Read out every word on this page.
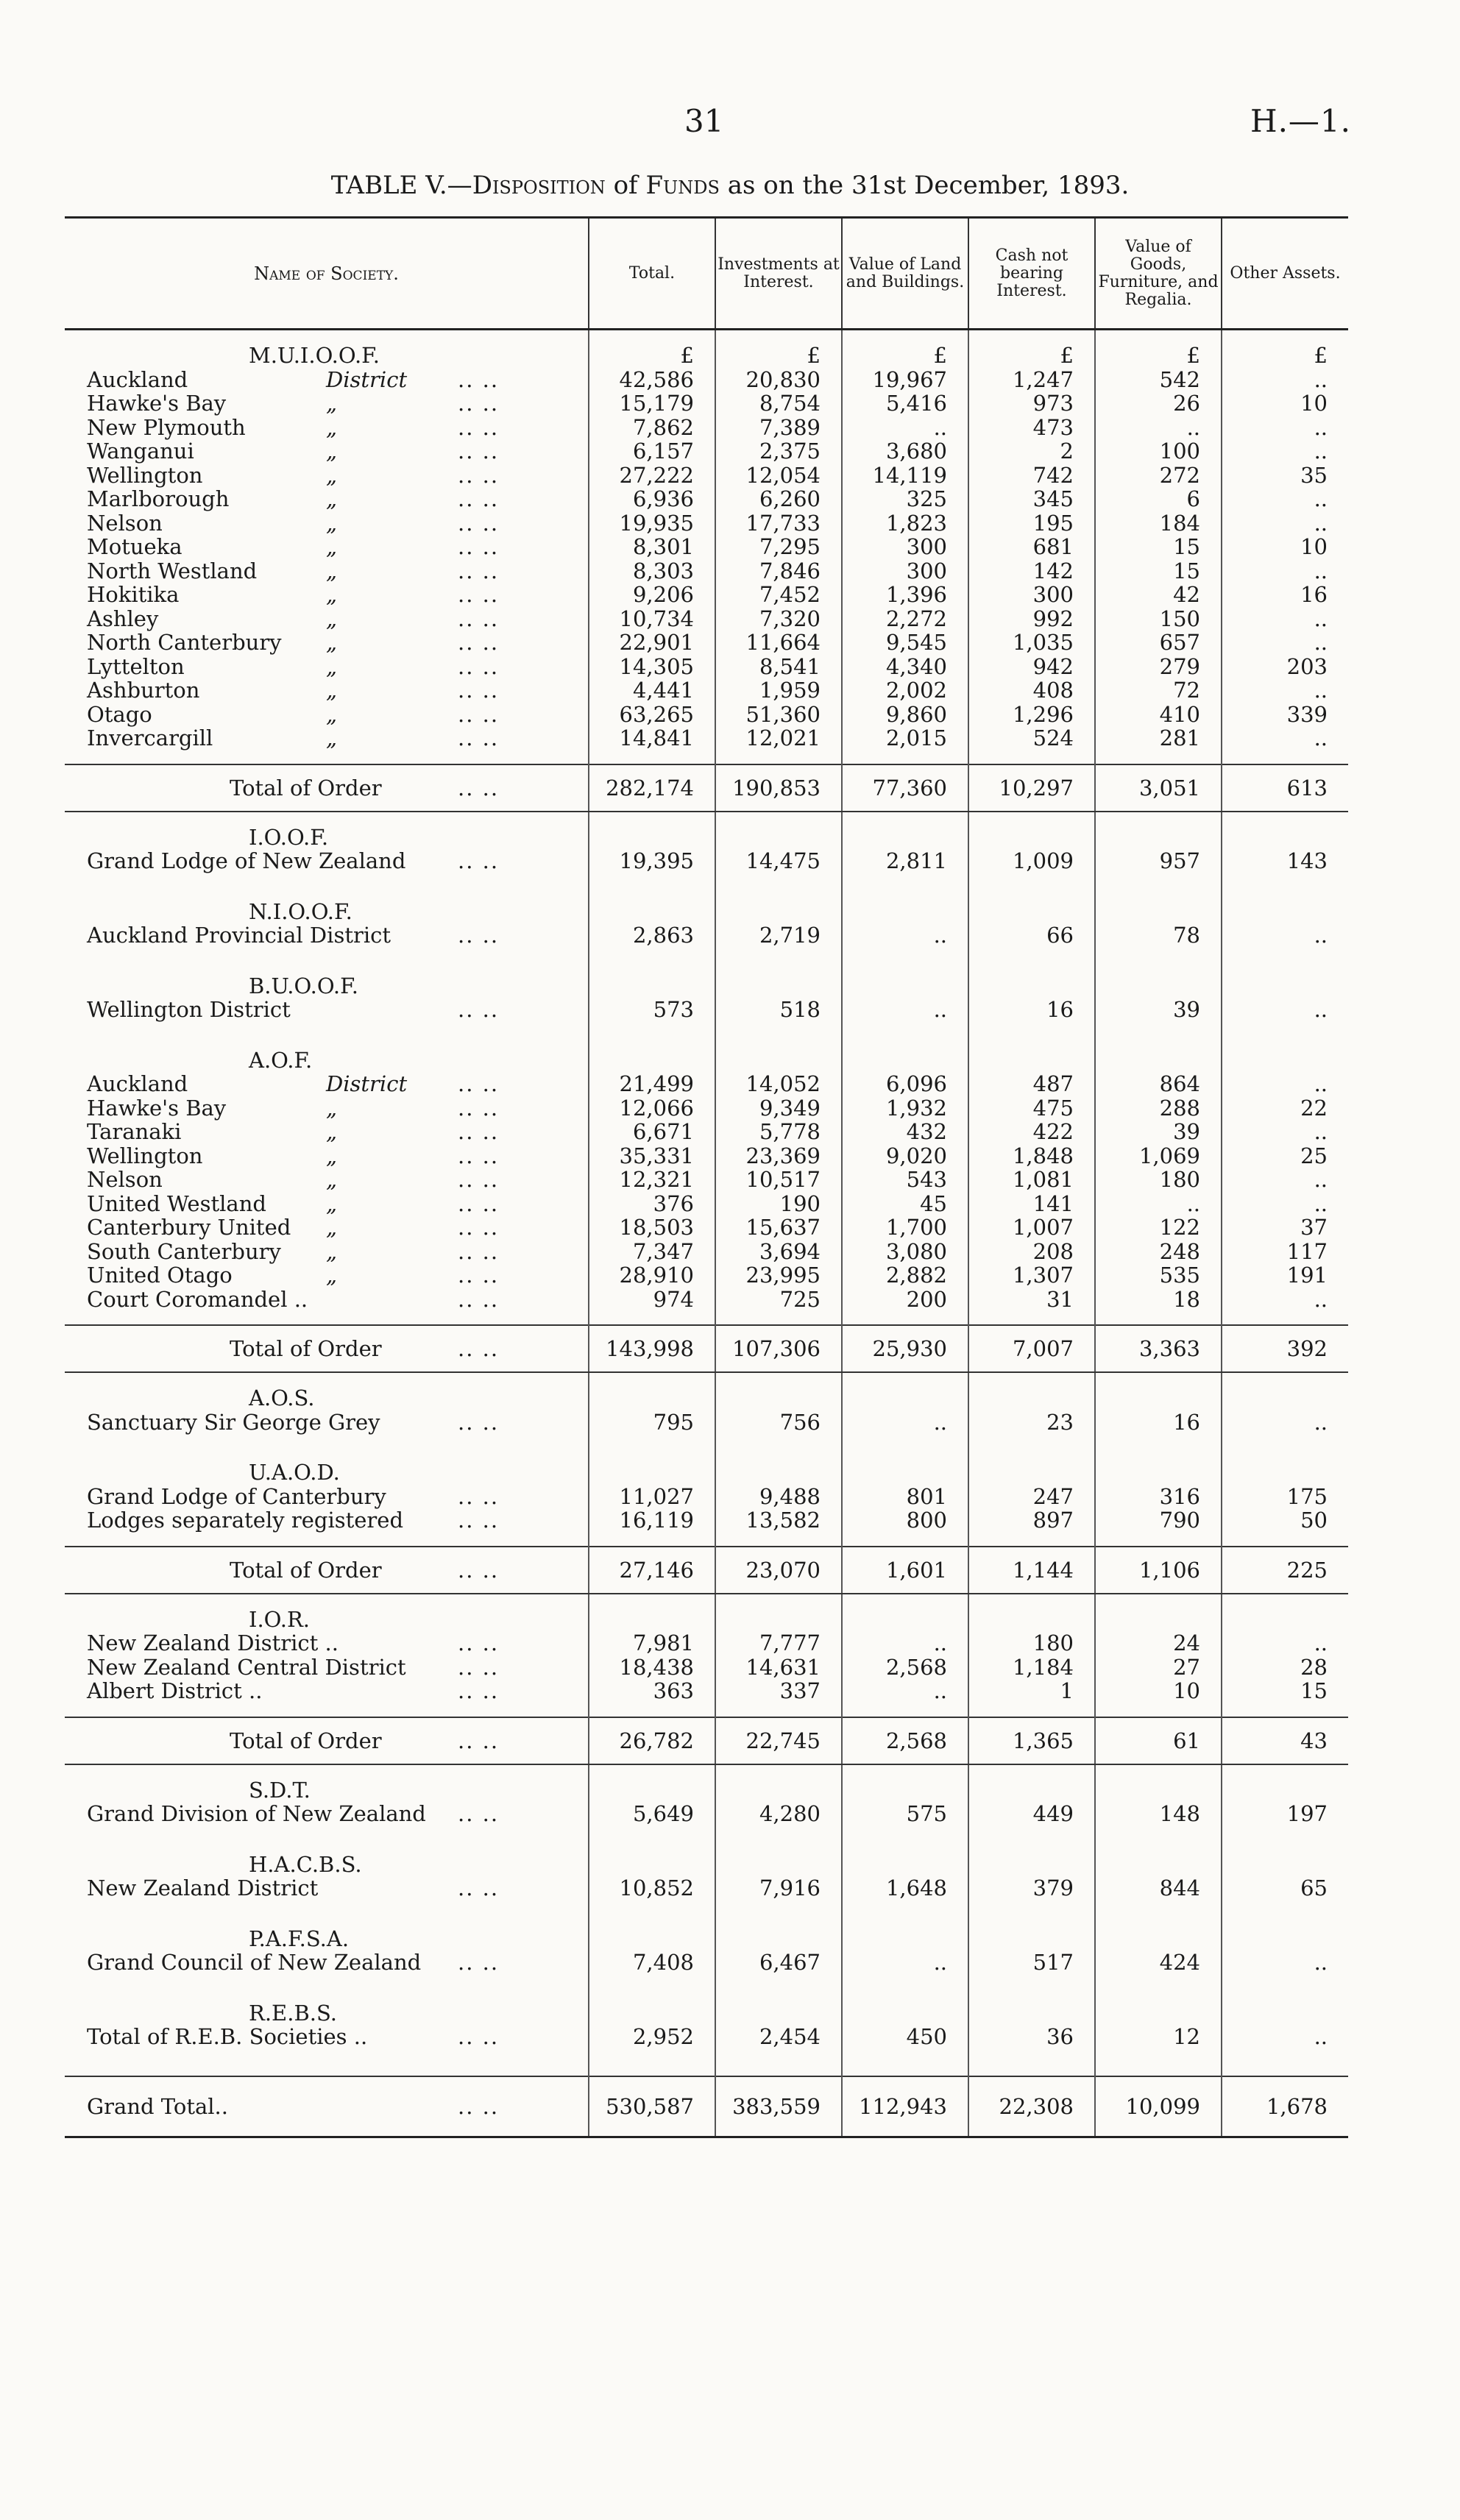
31	H.—1.
TABLE V.—Disposition of Funds as on the 31st December, 1893.
Name of Society.	Total.	Investments at Interest.	Value of Land and Buildings.	Cash not bearing Interest.	Value of Goods, Furniture, and Regalia.	Other Assets.

M.U.I.O.O.F.	£	£	£	£	£	£

Auckland District .. ..	42,586	20,830	19,967	1,247	542	..

Hawke's Bay „ .. ..	15,179	8,754	5,416	973	26	10

New Plymouth „ .. ..	7,862	7,389	..	473	..	..

Wanganui „ .. ..	6,157	2,375	3,680	2	100	..

Wellington „ .. ..	27,222	12,054	14,119	742	272	35

Marlborough „ .. ..	6,936	6,260	325	345	6	..

Nelson „ .. ..	19,935	17,733	1,823	195	184	..

Motueka „ .. ..	8,301	7,295	300	681	15	10

North Westland „ .. ..	8,303	7,846	300	142	15	..

Hokitika „ .. ..	9,206	7,452	1,396	300	42	16

Ashley „ .. ..	10,734	7,320	2,272	992	150	..

North Canterbury „ .. ..	22,901	11,664	9,545	1,035	657	..

Lyttelton „ .. ..	14,305	8,541	4,340	942	279	203

Ashburton „ .. ..	4,441	1,959	2,002	408	72	..

Otago „ .. ..	63,265	51,360	9,860	1,296	410	339

Invercargill „ .. ..	14,841	12,021	2,015	524	281	..

Total of Order .. ..	282,174	190,853	77,360	10,297	3,051	613

I.O.O.F.						

Grand Lodge of New Zealand .. ..	19,395	14,475	2,811	1,009	957	143

N.I.O.O.F.						

Auckland Provincial District .. ..	2,863	2,719	..	66	78	..

B.U.O.O.F.						

Wellington District .. ..	573	518	..	16	39	..

A.O.F.						

Auckland District .. ..	21,499	14,052	6,096	487	864	..

Hawke's Bay „ .. ..	12,066	9,349	1,932	475	288	22

Taranaki „ .. ..	6,671	5,778	432	422	39	..

Wellington „ .. ..	35,331	23,369	9,020	1,848	1,069	25

Nelson „ .. ..	12,321	10,517	543	1,081	180	..

United Westland „ .. ..	376	190	45	141	..	..

Canterbury United „ .. ..	18,503	15,637	1,700	1,007	122	37

South Canterbury „ .. ..	7,347	3,694	3,080	208	248	117

United Otago „ .. ..	28,910	23,995	2,882	1,307	535	191

Court Coromandel .. .. ..	974	725	200	31	18	..

Total of Order .. ..	143,998	107,306	25,930	7,007	3,363	392

A.O.S.						

Sanctuary Sir George Grey .. ..	795	756	..	23	16	..

U.A.O.D.						

Grand Lodge of Canterbury .. ..	11,027	9,488	801	247	316	175

Lodges separately registered .. ..	16,119	13,582	800	897	790	50

Total of Order .. ..	27,146	23,070	1,601	1,144	1,106	225

I.O.R.						

New Zealand District .. .. ..	7,981	7,777	..	180	24	..

New Zealand Central District .. ..	18,438	14,631	2,568	1,184	27	28

Albert District .. .. ..	363	337	..	1	10	15

Total of Order .. ..	26,782	22,745	2,568	1,365	61	43

S.D.T.						

Grand Division of New Zealand .. ..	5,649	4,280	575	449	148	197

H.A.C.B.S.						

New Zealand District .. ..	10,852	7,916	1,648	379	844	65

P.A.F.S.A.						

Grand Council of New Zealand .. ..	7,408	6,467	..	517	424	..

R.E.B.S.						

Total of R.E.B. Societies .. .. ..	2,952	2,454	450	36	12	..

Grand Total.. .. ..	530,587	383,559	112,943	22,308	10,099	1,678
